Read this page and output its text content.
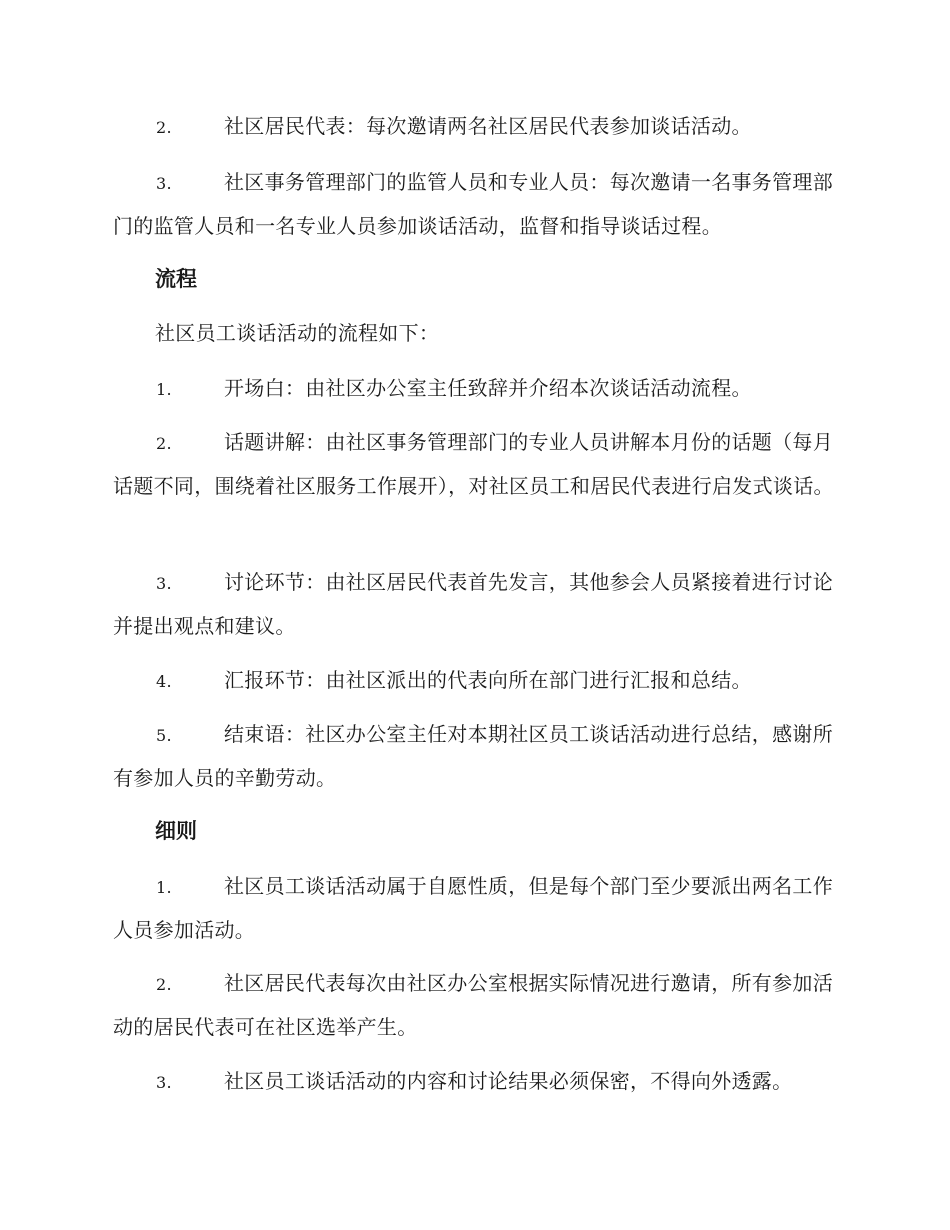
2.	社区居民代表：每次邀请两名社区居民代表参加谈话活动。
3.	社区事务管理部门的监管人员和专业人员：每次邀请一名事务管理部门的监管人员和一名专业人员参加谈话活动，监督和指导谈话过程。
流程
社区员工谈话活动的流程如下：
1.	开场白：由社区办公室主任致辞并介绍本次谈话活动流程。
2.	话题讲解：由社区事务管理部门的专业人员讲解本月份的话题（每月话题不同，围绕着社区服务工作展开），对社区员工和居民代表进行启发式谈话。
3.	讨论环节：由社区居民代表首先发言，其他参会人员紧接着进行讨论并提出观点和建议。
4.	汇报环节：由社区派出的代表向所在部门进行汇报和总结。
5.	结束语：社区办公室主任对本期社区员工谈话活动进行总结，感谢所有参加人员的辛勤劳动。
细则
1.	社区员工谈话活动属于自愿性质，但是每个部门至少要派出两名工作人员参加活动。
2.	社区居民代表每次由社区办公室根据实际情况进行邀请，所有参加活动的居民代表可在社区选举产生。
3.	社区员工谈话活动的内容和讨论结果必须保密，不得向外透露。
